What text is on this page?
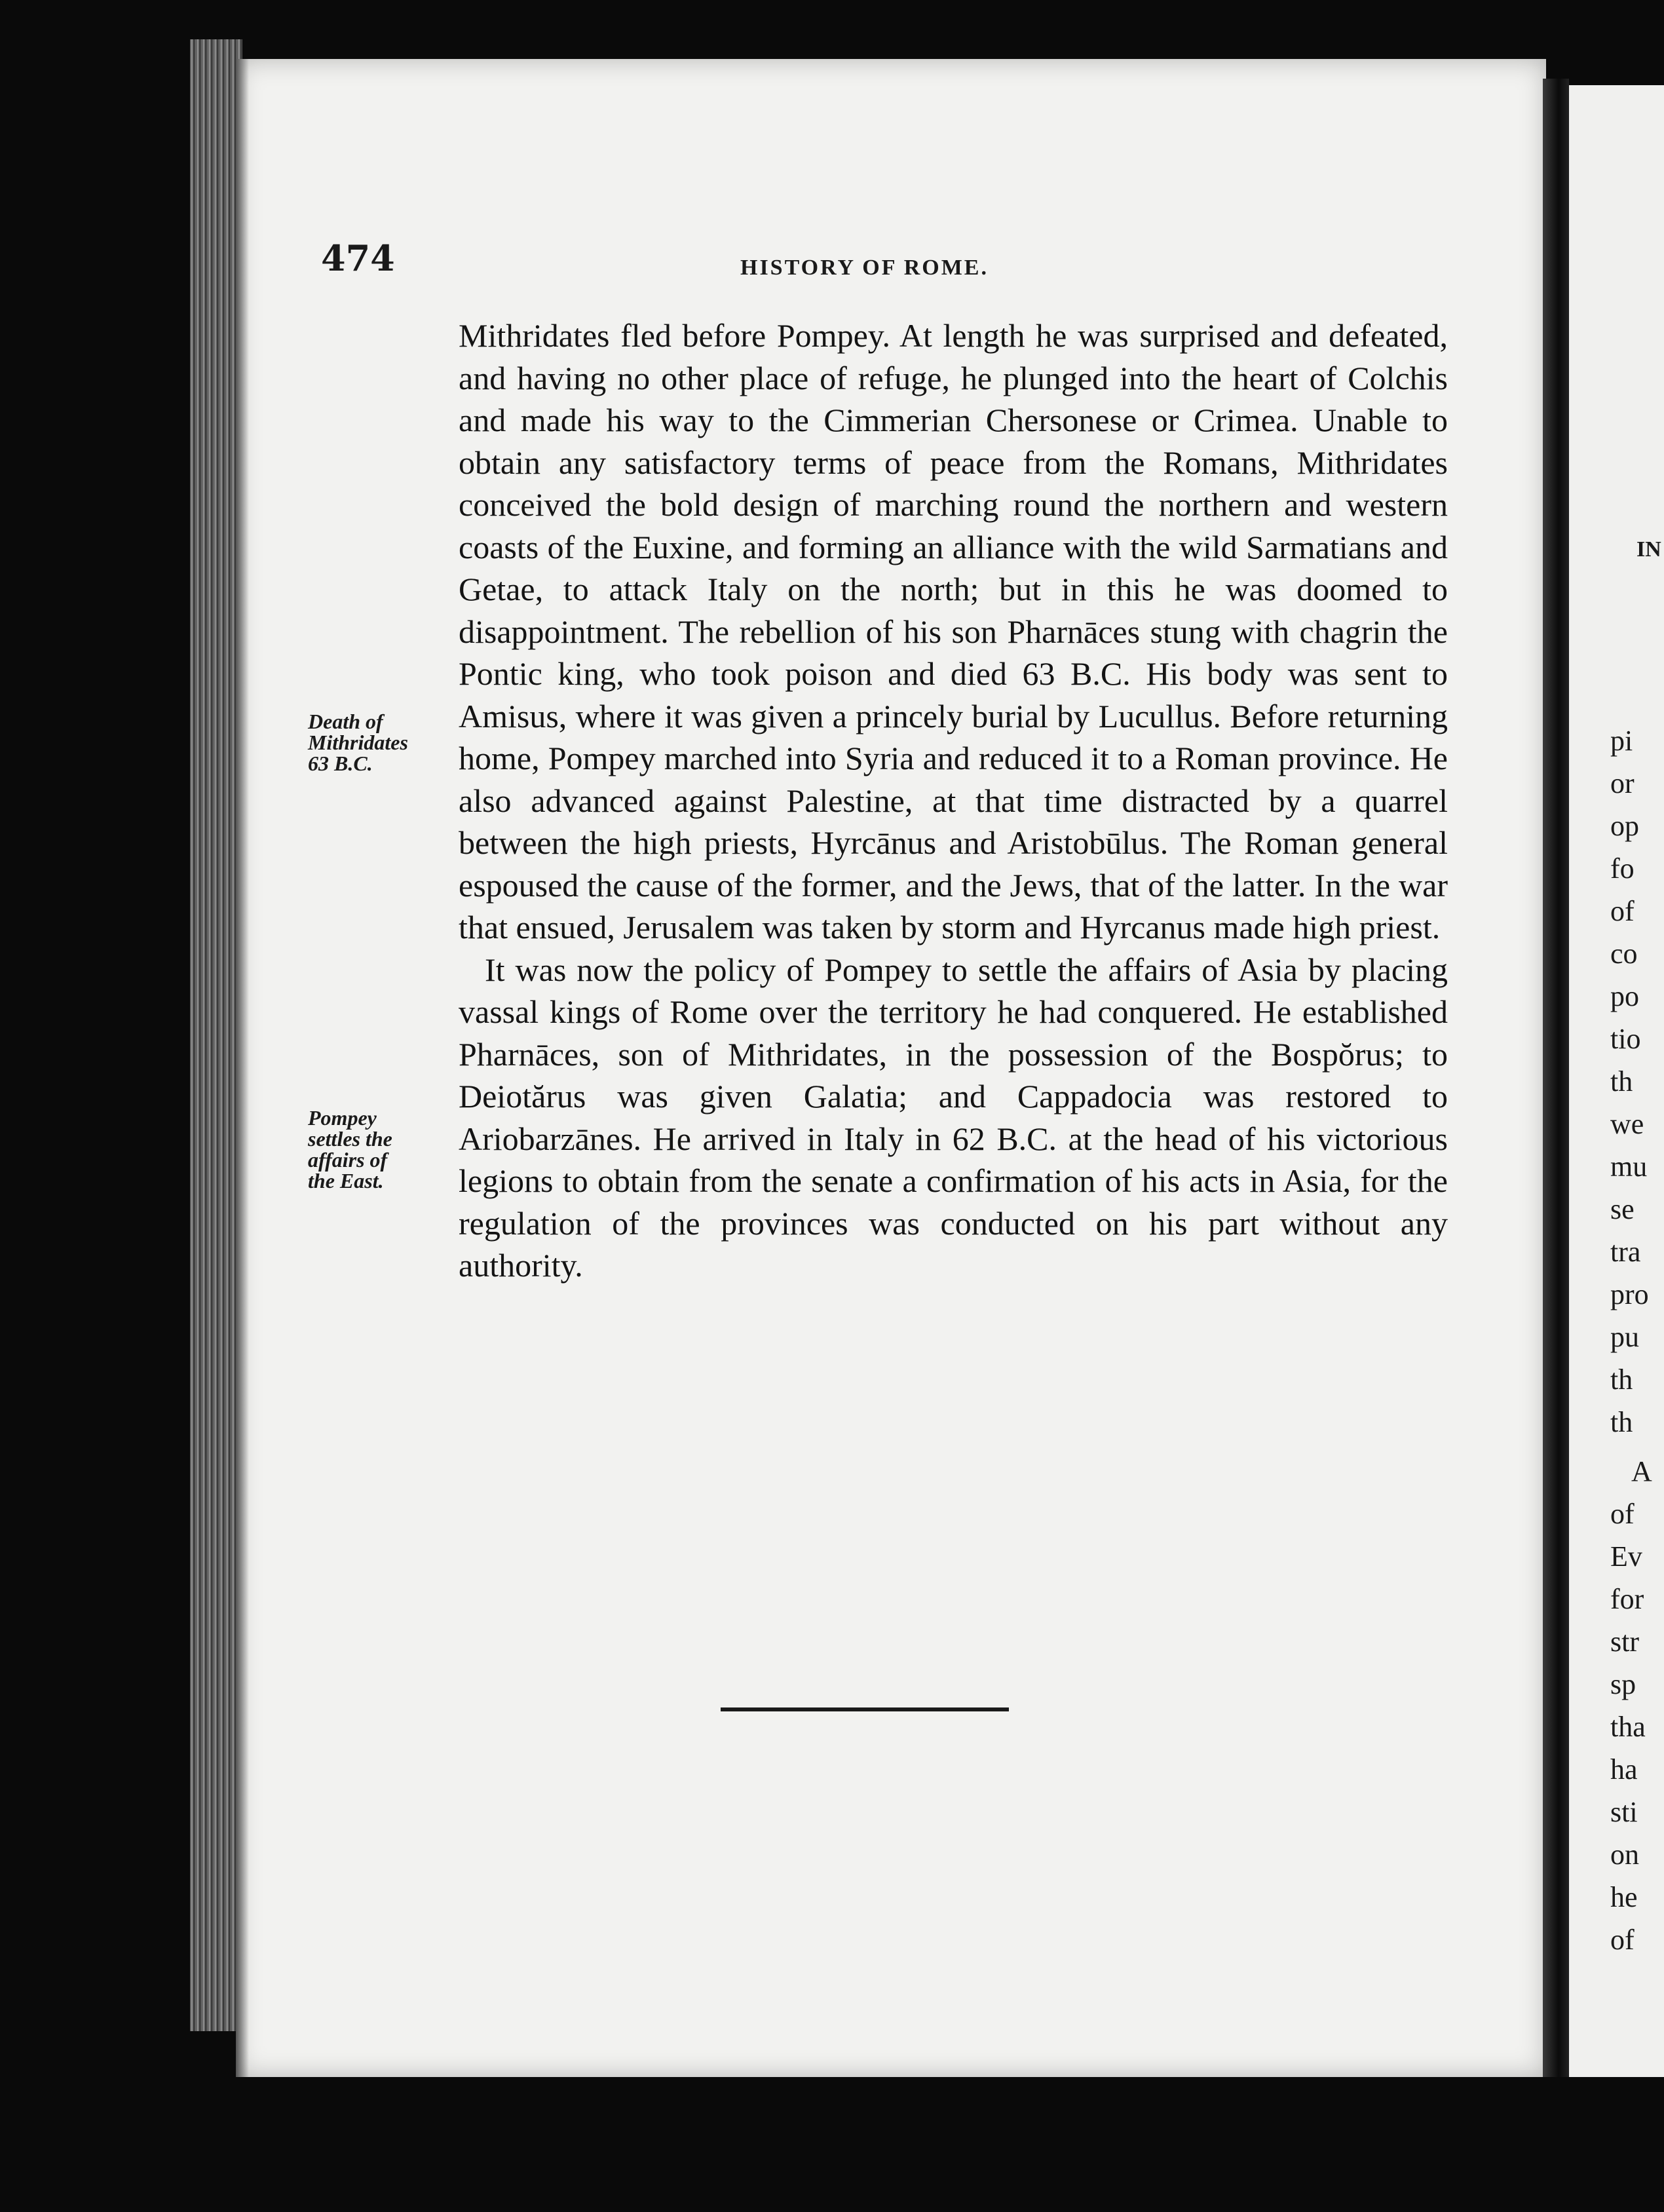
474	HISTORY OF ROME.

Death of
Mithridates
63 B.C.

Pompey
settles the
affairs of
the East.

Mithridates fled before Pompey. At length he was surprised and defeated, and having no other place of refuge, he plunged into the heart of Colchis and made his way to the Cimmerian Chersonese or Crimea. Unable to obtain any satisfactory terms of peace from the Romans, Mithridates conceived the bold design of marching round the northern and western coasts of the Euxine, and forming an alliance with the wild Sarmatians and Getae, to attack Italy on the north; but in this he was doomed to disappointment. The rebellion of his son Pharnāces stung with chagrin the Pontic king, who took poison and died 63 B.C. His body was sent to Amisus, where it was given a princely burial by Lucullus. Before returning home, Pompey marched into Syria and reduced it to a Roman province. He also advanced against Palestine, at that time distracted by a quarrel between the high priests, Hyrcānus and Aristobūlus. The Roman general espoused the cause of the former, and the Jews, that of the latter. In the war that ensued, Jerusalem was taken by storm and Hyrcanus made high priest.

It was now the policy of Pompey to settle the affairs of Asia by placing vassal kings of Rome over the territory he had conquered. He established Pharnāces, son of Mithridates, in the possession of the Bospŏrus; to Deiotărus was given Galatia; and Cappadocia was restored to Ariobarzānes. He arrived in Italy in 62 B.C. at the head of his victorious legions to obtain from the senate a confirmation of his acts in Asia, for the regulation of the provinces was conducted on his part without any authority.

IN

pi

or

op

fo

of

co

po

tio

th

we

mu

se

tra

pro

pu

th

th

A

of

Ev

for

str

sp

tha

ha

sti

on

he

of
